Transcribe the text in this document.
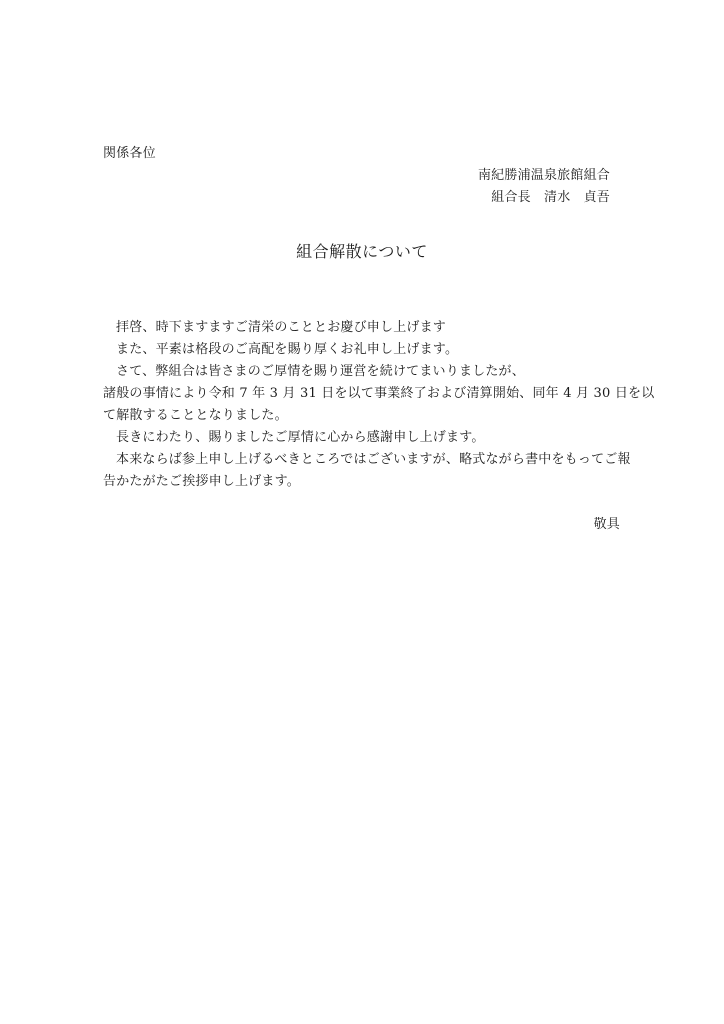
関係各位
南紀勝浦温泉旅館組合
組合長　清水　貞吾
組合解散について

拝啓、時下ますますご清栄のこととお慶び申し上げます

また、平素は格段のご高配を賜り厚くお礼申し上げます。

さて、弊組合は皆さまのご厚情を賜り運営を続けてまいりましたが、

諸般の事情により令和 7 年 3 月 31 日を以て事業終了および清算開始、同年 4 月 30 日を以

て解散することとなりました。

長きにわたり、賜りましたご厚情に心から感謝申し上げます。

本来ならば参上申し上げるべきところではございますが、略式ながら書中をもってご報

告かたがたご挨拶申し上げます。

敬具
